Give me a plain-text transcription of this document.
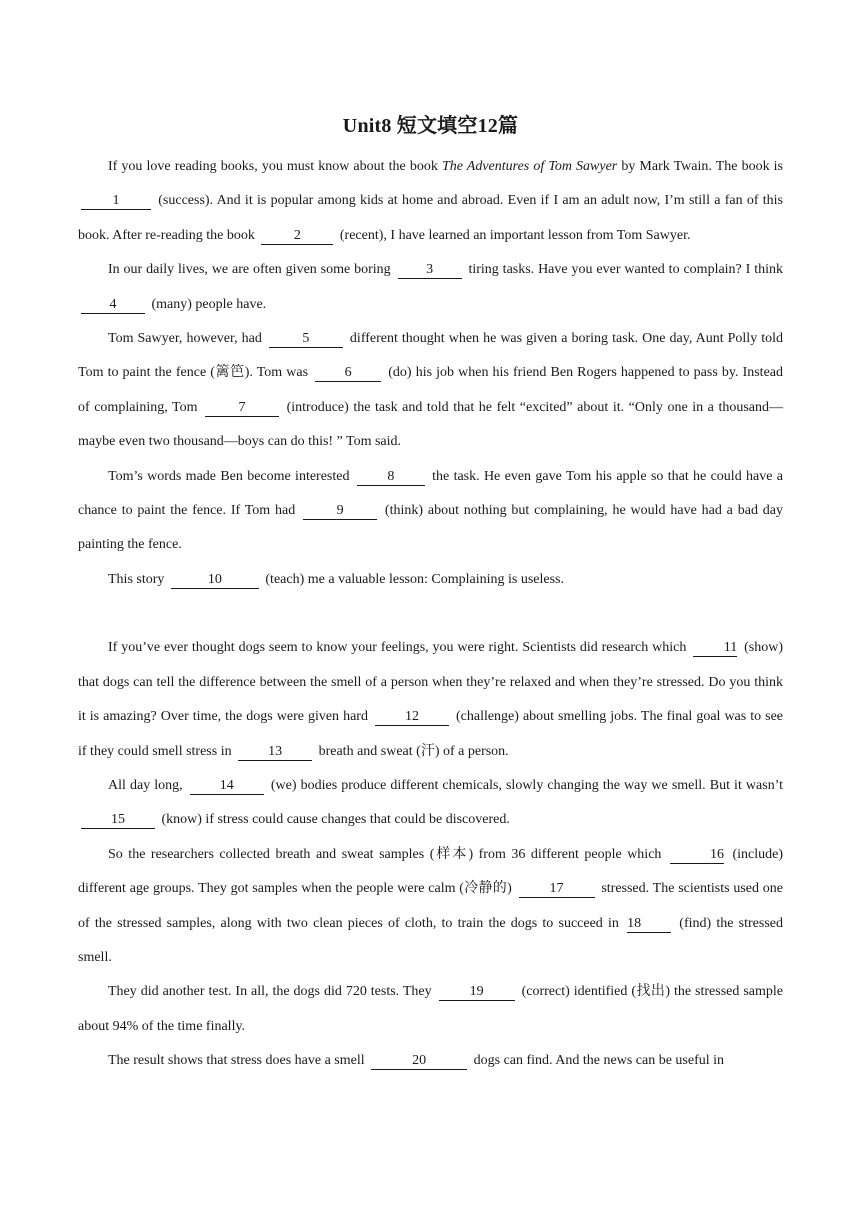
Unit8 短文填空12篇

If you love reading books, you must know about the book The Adventures of Tom Sawyer by Mark Twain. The book is 1 (success). And it is popular among kids at home and abroad. Even if I am an adult now, I’m still a fan of this book. After re-reading the book	2	(recent), I have learned an important lesson from Tom Sawyer.

In our daily lives, we are often given some boring 3 tiring tasks. Have you ever wanted to complain? I think 4 (many) people have.

Tom Sawyer, however, had	5	different thought when he was given a boring task. One day, Aunt Polly told Tom to paint the fence (篱笆). Tom was 6 (do) his job when his friend Ben Rogers happened to pass by. Instead of complaining, Tom	7	(introduce) the task and told that he felt “excited” about it. “Only one in a thousand—maybe even two thousand—boys can do this! ” Tom said.

Tom’s words made Ben become interested 8 the task. He even gave Tom his apple so that he could have a chance to paint the fence. If Tom had	9	(think) about nothing but complaining, he would have had a bad day painting the fence.

This story	10	(teach) me a valuable lesson: Complaining is useless.

If you’ve ever thought dogs seem to know your feelings, you were right. Scientists did research which 11 (show) that dogs can tell the difference between the smell of a person when they’re relaxed and when they’re stressed. Do you think it is amazing? Over time, the dogs were given hard 12 (challenge) about smelling jobs. The final goal was to see if they could smell stress in 13 breath and sweat (汗) of a person.

All day long, 14 (we) bodies produce different chemicals, slowly changing the way we smell. But it wasn’t 15 (know) if stress could cause changes that could be discovered.

So the researchers collected breath and sweat samples (样本) from 36 different people which	16 (include) different age groups. They got samples when the people were calm (冷静的) 17 stressed. The scientists used one of the stressed samples, along with two clean pieces of cloth, to train the dogs to succeed in 18 (find) the stressed smell.

They did another test. In all, the dogs did 720 tests. They 19 (correct) identified (找出) the stressed sample about 94% of the time finally.

The result shows that stress does have a smell	20	dogs can find. And the news can be useful in
